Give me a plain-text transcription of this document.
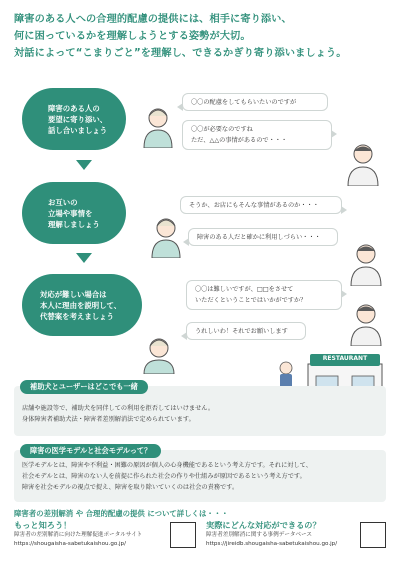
障害のある人への合理的配慮の提供には、相手に寄り添い、
何に困っているかを理解しようとする姿勢が大切。
対話によって“こまりごと”を理解し、できるかぎり寄り添いましょう。
障害のある人の
要望に寄り添い、
話し合いましょう
〇〇の配慮をしてもらいたいのですが
〇〇が必要なのですね
ただ、△△の事情があるので・・・
お互いの
立場や事情を
理解しましょう
そうか、お店にもそんな事情があるのか・・・
障害のある人だと確かに利用しづらい・・・
対応が難しい場合は
本人に理由を説明して、
代替案を考えましょう
〇〇は難しいですが、□□をさせて
いただくということではいかがですか？
うれしいわ！それでお願いします
RESTAURANT
補助犬とユーザーはどこでも一緒
店舗や施設等で、補助犬を同伴しての利用を拒否してはいけません。
身体障害者補助犬法・障害者差別解消法で定められています。
障害の医学モデルと社会モデルって？
医学モデルとは、障害や不利益・困難の原因が個人の心身機能であるという考え方です。それに対して、
社会モデルとは、障害のない人を前提に作られた社会の作りや仕組みが原因であるという考え方です。
障害を社会モデルの視点で捉え、障害を取り除いていくのは社会の責務です。
障害者の差別解消 や 合理的配慮の提供 について詳しくは・・・
もっと知ろう！
障害者の差別解消に向けた理解促進ポータルサイト
https://shougaisha-sabetukaishou.go.jp/
実際にどんな対応ができるの？
障害者差別解消に関する事例データベース
https://jireidb.shougaisha-sabetukaishou.go.jp/
